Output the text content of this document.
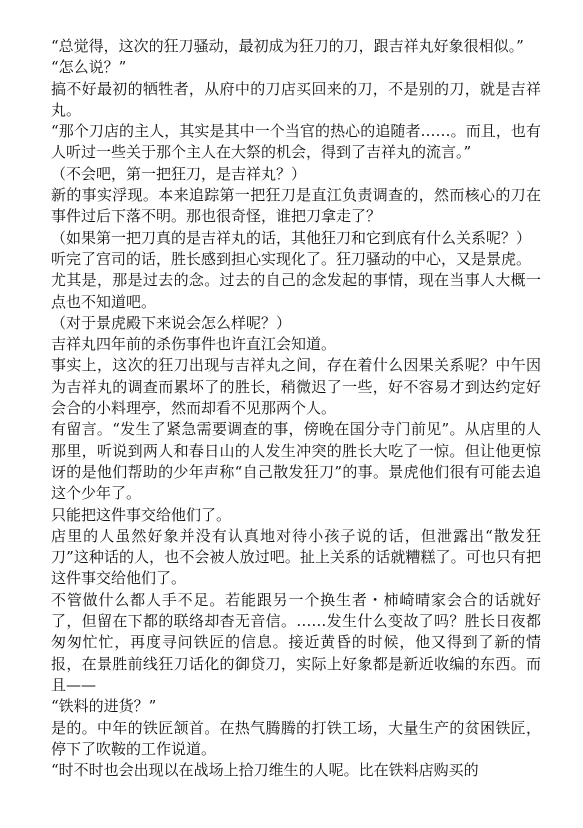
“总觉得，这次的狂刀骚动，最初成为狂刀的刀，跟吉祥丸好象很相似。”

“怎么说？”

搞不好最初的牺牲者，从府中的刀店买回来的刀，不是别的刀，就是吉祥丸。

“那个刀店的主人，其实是其中一个当官的热心的追随者……。而且，也有人听过一些关于那个主人在大祭的机会，得到了吉祥丸的流言。”

（不会吧，第一把狂刀，是吉祥丸？）

新的事实浮现。本来追踪第一把狂刀是直江负责调查的，然而核心的刀在事件过后下落不明。那也很奇怪，谁把刀拿走了？

（如果第一把刀真的是吉祥丸的话，其他狂刀和它到底有什么关系呢？）

听完了宫司的话，胜长感到担心实现化了。狂刀骚动的中心，又是景虎。

尤其是，那是过去的念。过去的自己的念发起的事情，现在当事人大概一点也不知道吧。

（对于景虎殿下来说会怎么样呢？）

吉祥丸四年前的杀伤事件也许直江会知道。

事实上，这次的狂刀出现与吉祥丸之间，存在着什么因果关系呢？中午因为吉祥丸的调查而累坏了的胜长，稍微迟了一些，好不容易才到达约定好会合的小料理亭，然而却看不见那两个人。

有留言。“发生了紧急需要调查的事，傍晚在国分寺门前见”。从店里的人那里，听说到两人和春日山的人发生冲突的胜长大吃了一惊。但让他更惊讶的是他们帮助的少年声称“自己散发狂刀”的事。景虎他们很有可能去追这个少年了。

只能把这件事交给他们了。

店里的人虽然好象并没有认真地对待小孩子说的话，但泄露出“散发狂刀”这种话的人，也不会被人放过吧。扯上关系的话就糟糕了。可也只有把这件事交给他们了。

不管做什么都人手不足。若能跟另一个换生者・柿崎晴家会合的话就好了，但留在下都的联络却杳无音信。……发生什么变故了吗？胜长日夜都匆匆忙忙，再度寻问铁匠的信息。接近黄昏的时候，他又得到了新的情报，在景胜前线狂刀话化的御贷刀，实际上好象都是新近收编的东西。而且——

“铁料的进货？”

是的。中年的铁匠颔首。在热气腾腾的打铁工场，大量生产的贫困铁匠，停下了吹鞍的工作说道。

“时不时也会出现以在战场上拾刀维生的人呢。比在铁料店购买的
